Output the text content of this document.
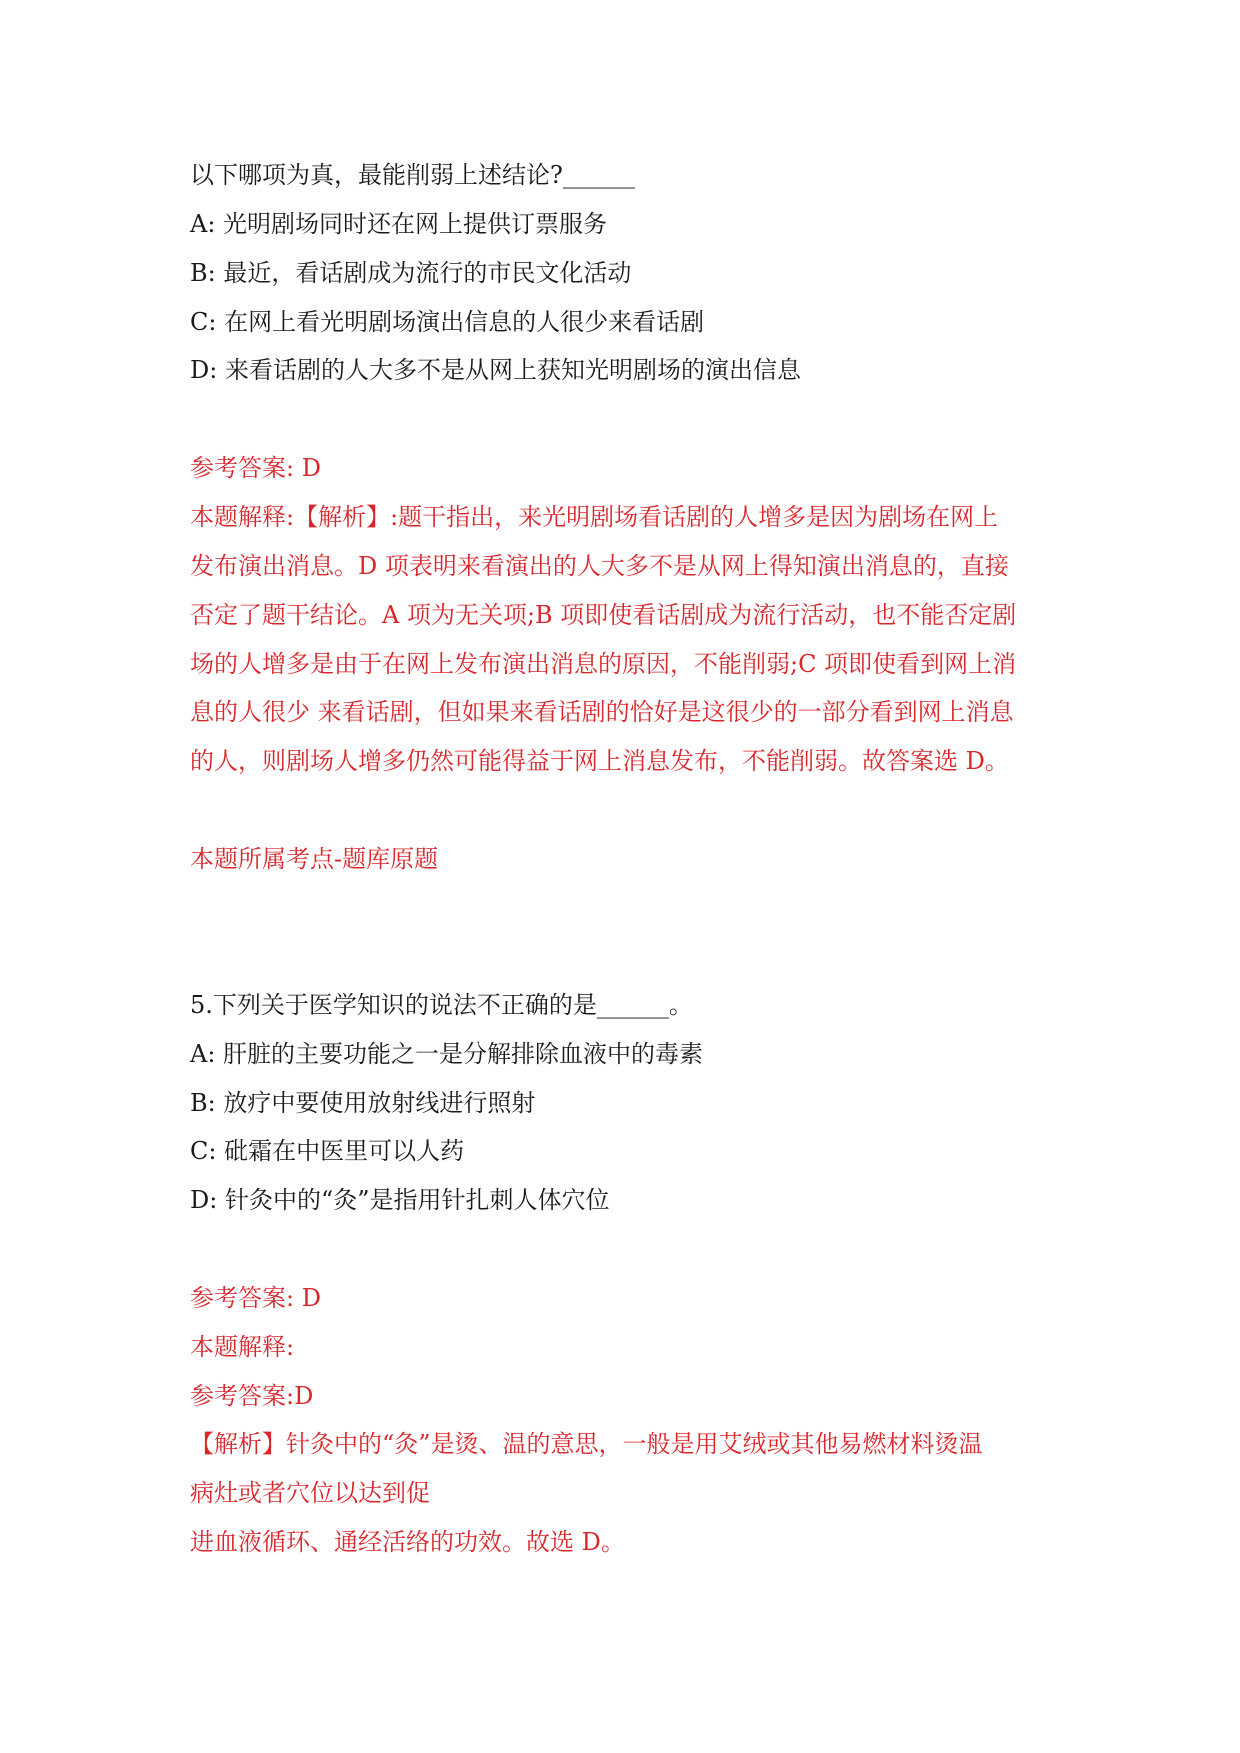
以下哪项为真，最能削弱上述结论?______
A: 光明剧场同时还在网上提供订票服务
B: 最近，看话剧成为流行的市民文化活动
C: 在网上看光明剧场演出信息的人很少来看话剧
D: 来看话剧的人大多不是从网上获知光明剧场的演出信息
参考答案: D
本题解释:【解析】:题干指出，来光明剧场看话剧的人增多是因为剧场在网上
发布演出消息。D 项表明来看演出的人大多不是从网上得知演出消息的，直接
否定了题干结论。A 项为无关项;B 项即使看话剧成为流行活动，也不能否定剧
场的人增多是由于在网上发布演出消息的原因，不能削弱;C 项即使看到网上消
息的人很少 来看话剧，但如果来看话剧的恰好是这很少的一部分看到网上消息
的人，则剧场人增多仍然可能得益于网上消息发布，不能削弱。故答案选 D。
本题所属考点-题库原题
5.下列关于医学知识的说法不正确的是______。
A: 肝脏的主要功能之一是分解排除血液中的毒素
B: 放疗中要使用放射线进行照射
C: 砒霜在中医里可以人药
D: 针灸中的“灸”是指用针扎刺人体穴位
参考答案: D
本题解释:
参考答案:D
【解析】针灸中的“灸”是烫、温的意思，一般是用艾绒或其他易燃材料烫温
病灶或者穴位以达到促
进血液循环、通经活络的功效。故选 D。
